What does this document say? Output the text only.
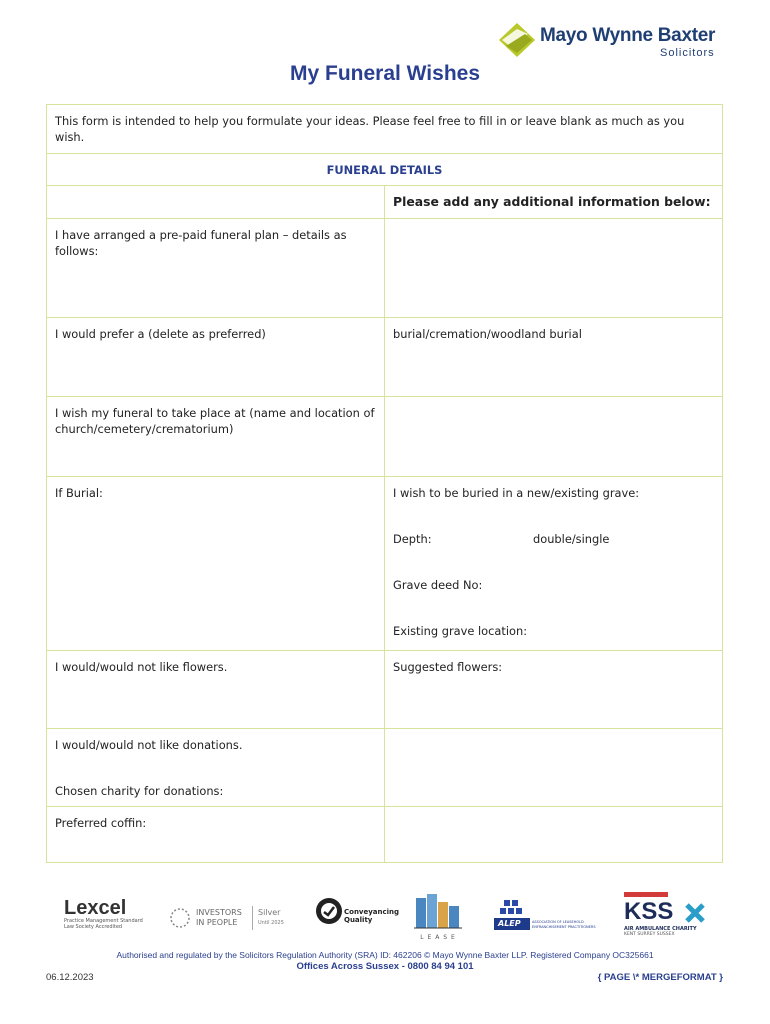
Mayo Wynne Baxter
Solicitors
My Funeral Wishes
This form is intended to help you formulate your ideas. Please feel free to fill in or leave blank as much as you wish.	
FUNERAL DETAILS	
	Please add any additional information below:
I have arranged a pre-paid funeral plan – details as follows:	
I would prefer a (delete as preferred)	burial/cremation/woodland burial
I wish my funeral to take place at (name and location of church/cemetery/crematorium)	
If Burial:	I wish to be buried in a new/existing grave:
Depth: double/single
Grave deed No:
Existing grave location:

I would/would not like flowers.	Suggested flowers:

I would/would not like donations.
Chosen charity for donations:	

Preferred coffin:	
Lexcel
Practice Management Standard
Law Society Accredited
INVESTORS
IN PEOPLE
Silver
Until 2025
Conveyancing
Quality
L E A S E
ALEP	ASSOCIATION OF LEASEHOLD ENFRANCHISEMENT PRACTITIONERS
KSS
AIR AMBULANCE CHARITY
KENT SURREY SUSSEX
Authorised and regulated by the Solicitors Regulation Authority (SRA) ID: 462206 © Mayo Wynne Baxter LLP. Registered Company OC325661
Offices Across Sussex - 0800 84 94 101
06.12.2023	{ PAGE \* MERGEFORMAT }
